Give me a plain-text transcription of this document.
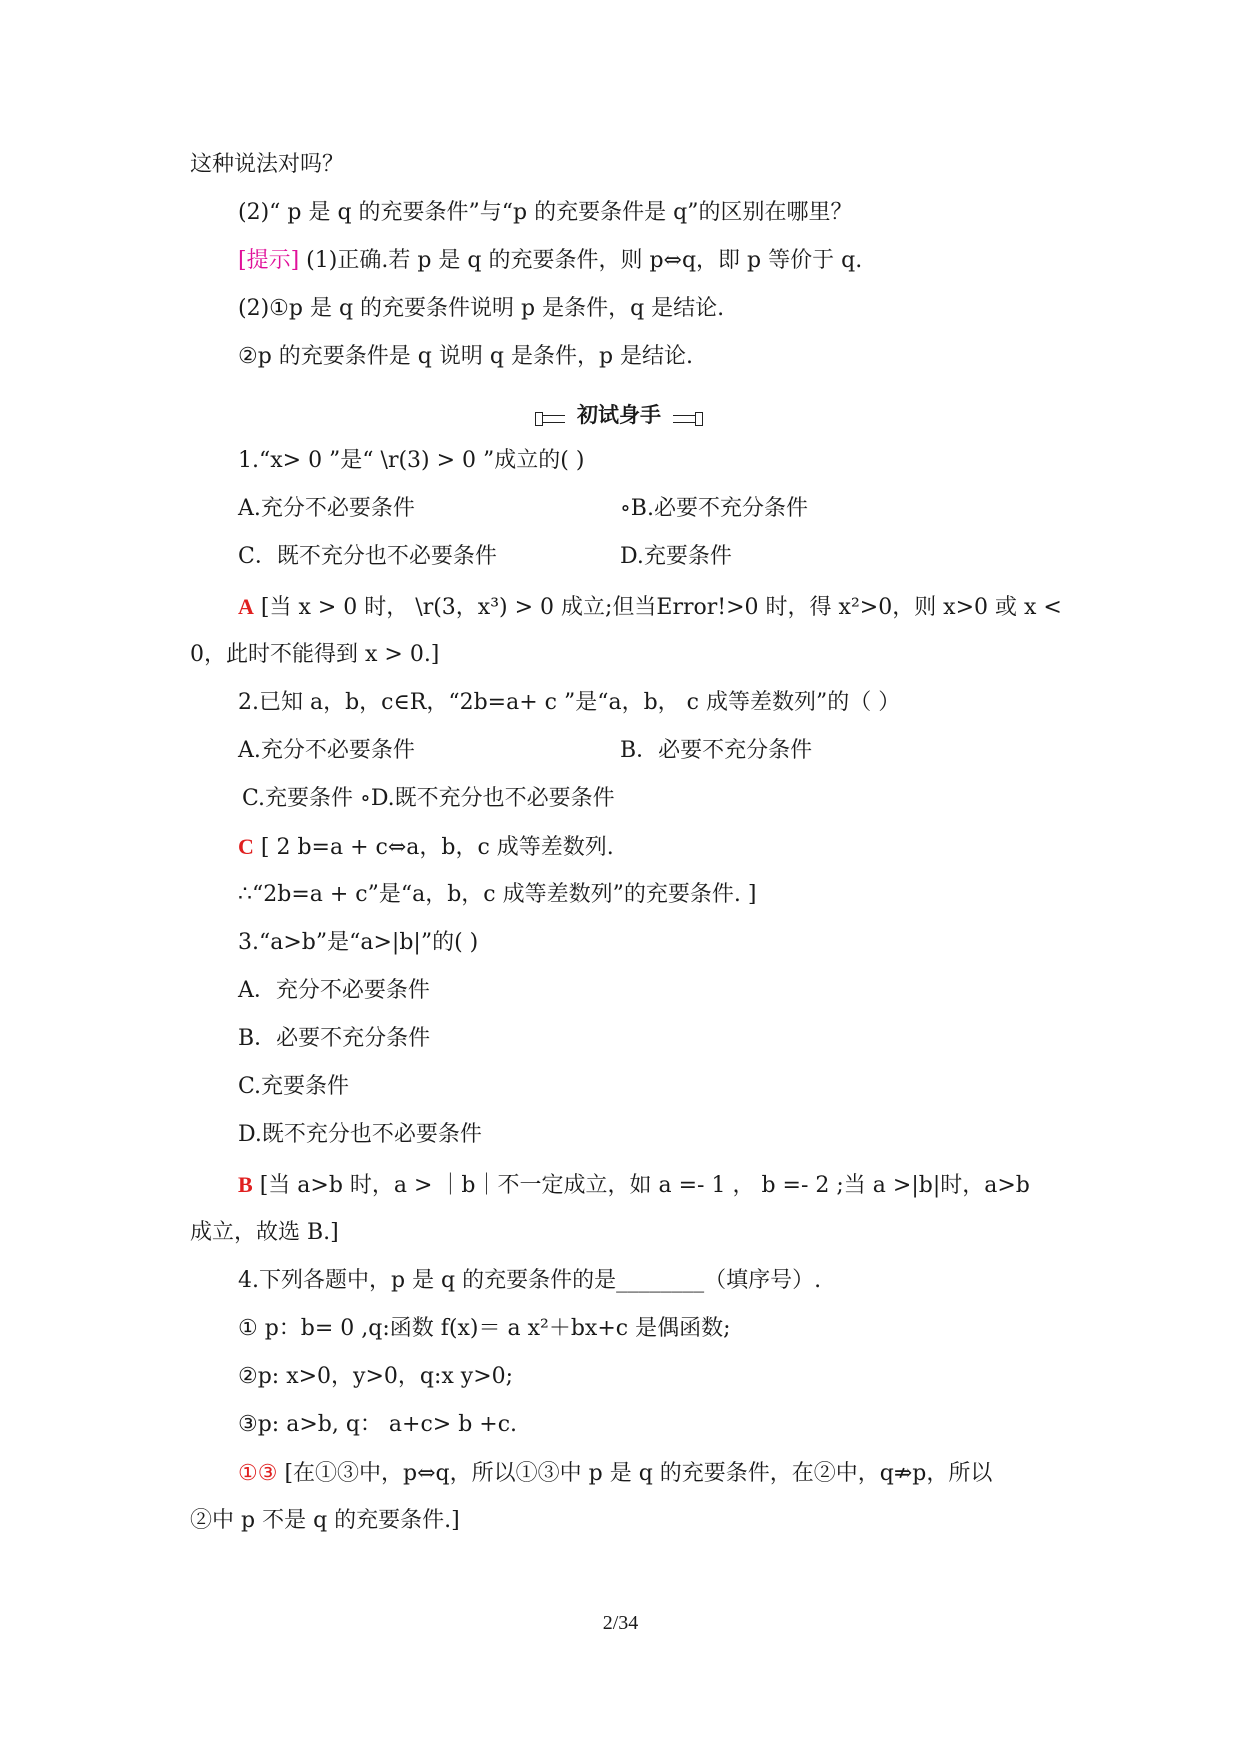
这种说法对吗？
(2)“ p 是 q 的充要条件”与“p 的充要条件是 q”的区别在哪里？
[提示] (1)正确.若 p 是 q 的充要条件，则 p⇔q，即 p 等价于 q.
(2)①p 是 q 的充要条件说明 p 是条件，q 是结论.
②p 的充要条件是 q 说明 q 是条件，p 是结论.
初试身手
1.“x> 0 ”是“ \r(3) > 0 ”成立的( )
A.充分不必要条件	∘B.必要不充分条件
C．既不充分也不必要条件	D.充要条件
A [当 x > 0 时， \r(3，x³) > 0 成立;但当Error!>0 时，得 x²>0，则 x>0 或 x <
0，此时不能得到 x > 0.]
2.已知 a，b，c∈R，“2b=a+ c ”是“a，b， c 成等差数列”的（ ）
A.充分不必要条件	B．必要不充分条件
C.充要条件 ∘D.既不充分也不必要条件
C [ 2 b=a + c⇔a，b，c 成等差数列.
∴“2b=a + c”是“a，b，c 成等差数列”的充要条件. ]
3.“a>b”是“a>|b|”的( )
A．充分不必要条件
B．必要不充分条件
C.充要条件
D.既不充分也不必要条件
B [当 a>b 时，a > ｜b｜不一定成立，如 a =- 1 ， b =- 2 ;当 a >|b|时，a>b
成立，故选 B.]
4.下列各题中，p 是 q 的充要条件的是________（填序号）.
① p：b= 0 ,q:函数 f(x)＝ a x²＋bx+c 是偶函数;
②p: x>0，y>0，q:x y>0;
③p: a>b, q： a+c> b +c.
①③ [在①③中，p⇔q，所以①③中 p 是 q 的充要条件，在②中，q⇏p，所以
②中 p 不是 q 的充要条件.]
2/34
